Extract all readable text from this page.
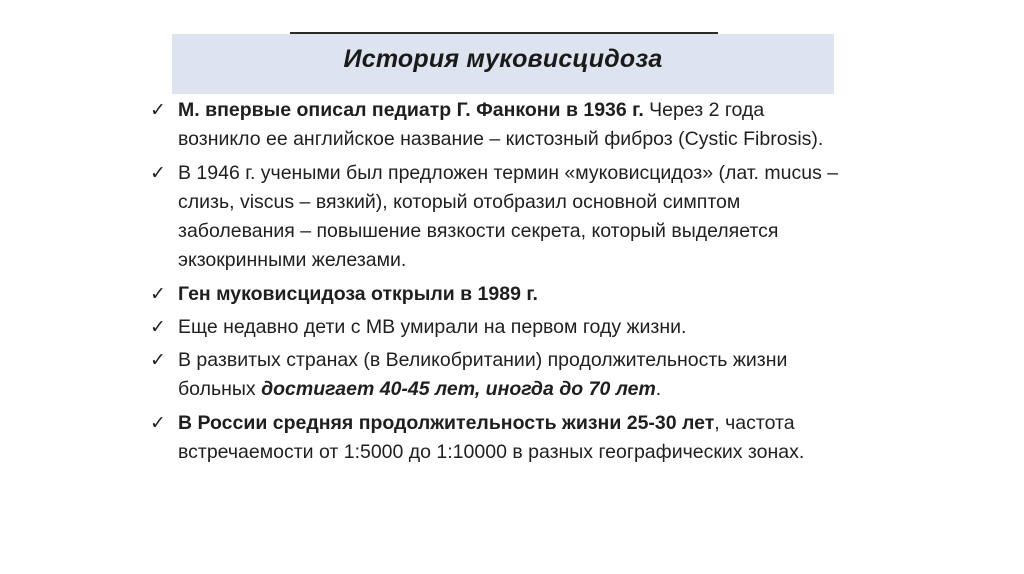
История муковисцидоза
✓ М. впервые описал педиатр Г. Фанкони в 1936 г. Через 2 года возникло ее английское название – кистозный фиброз (Cystic Fibrosis).
✓ В 1946 г. учеными был предложен термин «муковисцидоз» (лат. mucus – слизь, viscus – вязкий), который отобразил основной симптом заболевания – повышение вязкости секрета, который выделяется экзокринными железами.
✓ Ген муковисцидоза открыли в 1989 г.
✓ Еще недавно дети с МВ умирали на первом году жизни.
✓ В развитых странах (в Великобритании) продолжительность жизни больных достигает 40-45 лет, иногда до 70 лет.
✓ В России средняя продолжительность жизни 25-30 лет, частота встречаемости от 1:5000 до 1:10000 в разных географических зонах.
